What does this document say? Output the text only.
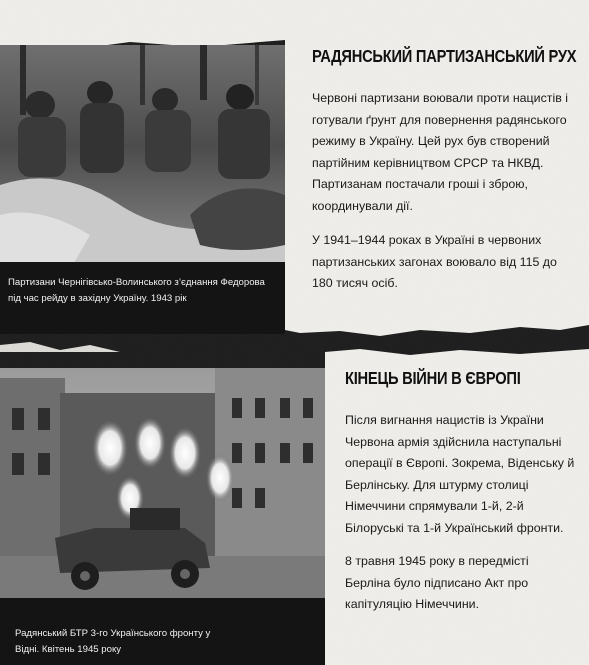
Партизани Чернігівсько-Волинського з’єднання Федорова під час рейду в західну Україну. 1943 рік

РАДЯНСЬКИЙ ПАРТИЗАНСЬКИЙ РУХ

Червоні партизани воювали проти нацистів і готували ґрунт для повернення радянського режиму в Україну. Цей рух був створений партійним керівництвом СРСР та НКВД. Партизанам постачали гроші і зброю, координували дії.

У 1941–1944 роках в Україні в червоних партизанських загонах воювало від 115 до 180 тисяч осіб.

Радянський БТР 3-го Українського фронту у Відні. Квітень 1945 року

КІНЕЦЬ ВІЙНИ В ЄВРОПІ

Після вигнання нацистів із України Червона армія здійснила наступальні операції в Європі. Зокрема, Віденську й Берлінську. Для штурму столиці Німеччини спрямували 1-й, 2-й Білоруські та 1-й Український фронти.

8 травня 1945 року в передмісті Берліна було підписано Акт про капітуляцію Німеччини.
